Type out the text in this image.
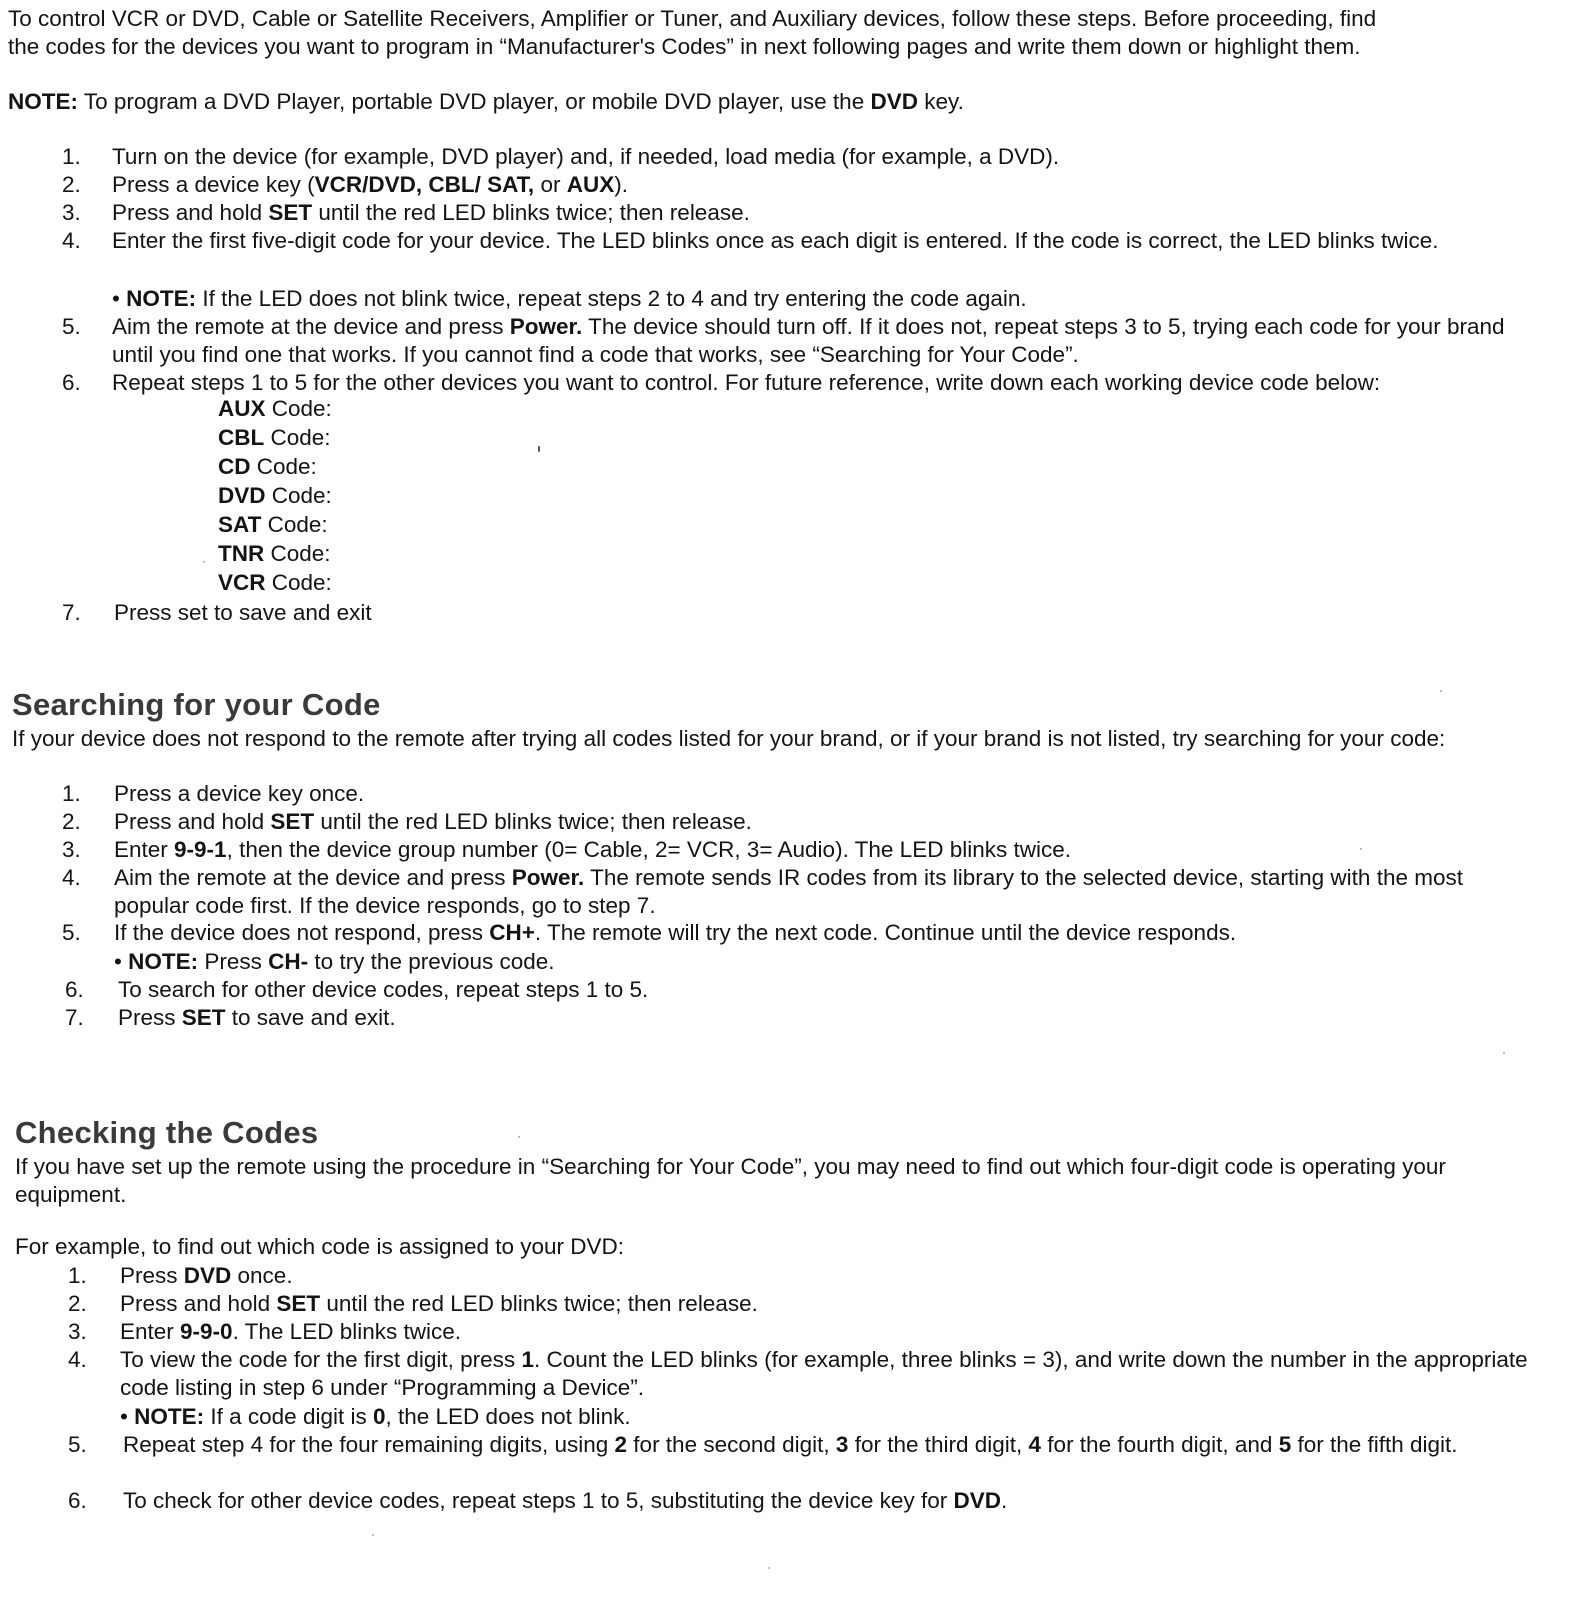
To control VCR or DVD, Cable or Satellite Receivers, Amplifier or Tuner, and Auxiliary devices, follow these steps. Before proceeding, find
the codes for the devices you want to program in “Manufacturer's Codes” in next following pages and write them down or highlight them.
NOTE: To program a DVD Player, portable DVD player, or mobile DVD player, use the DVD key.
1. Turn on the device (for example, DVD player) and, if needed, load media (for example, a DVD).
2. Press a device key (VCR/DVD, CBL/ SAT, or AUX).
3. Press and hold SET until the red LED blinks twice; then release.
4. Enter the first five-digit code for your device. The LED blinks once as each digit is entered. If the code is correct, the LED blinks twice.
• NOTE: If the LED does not blink twice, repeat steps 2 to 4 and try entering the code again.
5. Aim the remote at the device and press Power. The device should turn off. If it does not, repeat steps 3 to 5, trying each code for your brand until you find one that works. If you cannot find a code that works, see “Searching for Your Code”.
6. Repeat steps 1 to 5 for the other devices you want to control. For future reference, write down each working device code below:
AUX Code:
CBL Code:
CD Code:
DVD Code:
SAT Code:
TNR Code:
VCR Code:
7. Press set to save and exit
Searching for your Code
If your device does not respond to the remote after trying all codes listed for your brand, or if your brand is not listed, try searching for your code:
1. Press a device key once.
2. Press and hold SET until the red LED blinks twice; then release.
3. Enter 9-9-1, then the device group number (0= Cable, 2= VCR, 3= Audio). The LED blinks twice.
4. Aim the remote at the device and press Power. The remote sends IR codes from its library to the selected device, starting with the most popular code first. If the device responds, go to step 7.
5. If the device does not respond, press CH+. The remote will try the next code. Continue until the device responds.
• NOTE: Press CH- to try the previous code.
6. To search for other device codes, repeat steps 1 to 5.
7. Press SET to save and exit.
Checking the Codes
If you have set up the remote using the procedure in “Searching for Your Code”, you may need to find out which four-digit code is operating your equipment.
For example, to find out which code is assigned to your DVD:
1. Press DVD once.
2. Press and hold SET until the red LED blinks twice; then release.
3. Enter 9-9-0. The LED blinks twice.
4. To view the code for the first digit, press 1. Count the LED blinks (for example, three blinks = 3), and write down the number in the appropriate code listing in step 6 under “Programming a Device”.
• NOTE: If a code digit is 0, the LED does not blink.
5. Repeat step 4 for the four remaining digits, using 2 for the second digit, 3 for the third digit, 4 for the fourth digit, and 5 for the fifth digit.
6. To check for other device codes, repeat steps 1 to 5, substituting the device key for DVD.
